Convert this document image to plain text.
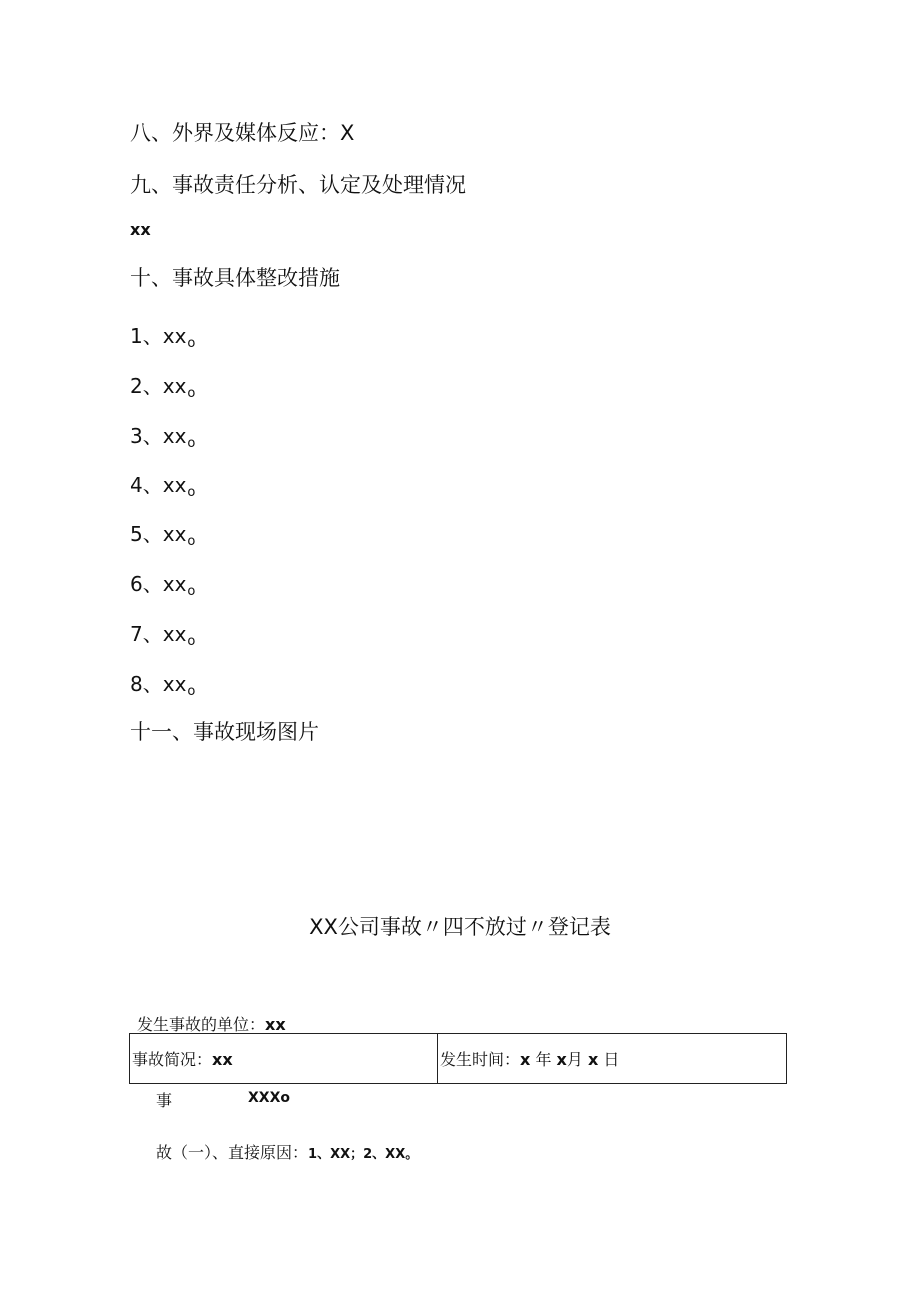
八、外界及媒体反应：X
九、事故责任分析、认定及处理情况
xx
十、事故具体整改措施
1、$xx_o$
2、$xx_o$
3、$xx_o$
4、$xx_o$
5、$xx_o$
6、$xx_o$
7、$xx_o$
8、$xx_o$
十一、事故现场图片
XX公司事故〃四不放过〃登记表
发生事故的单位：xx
事故简况：xx	发生时间：x 年 x月 x 日
事	XXXo
故（一）、直接原因：1、XX；2、XX。
